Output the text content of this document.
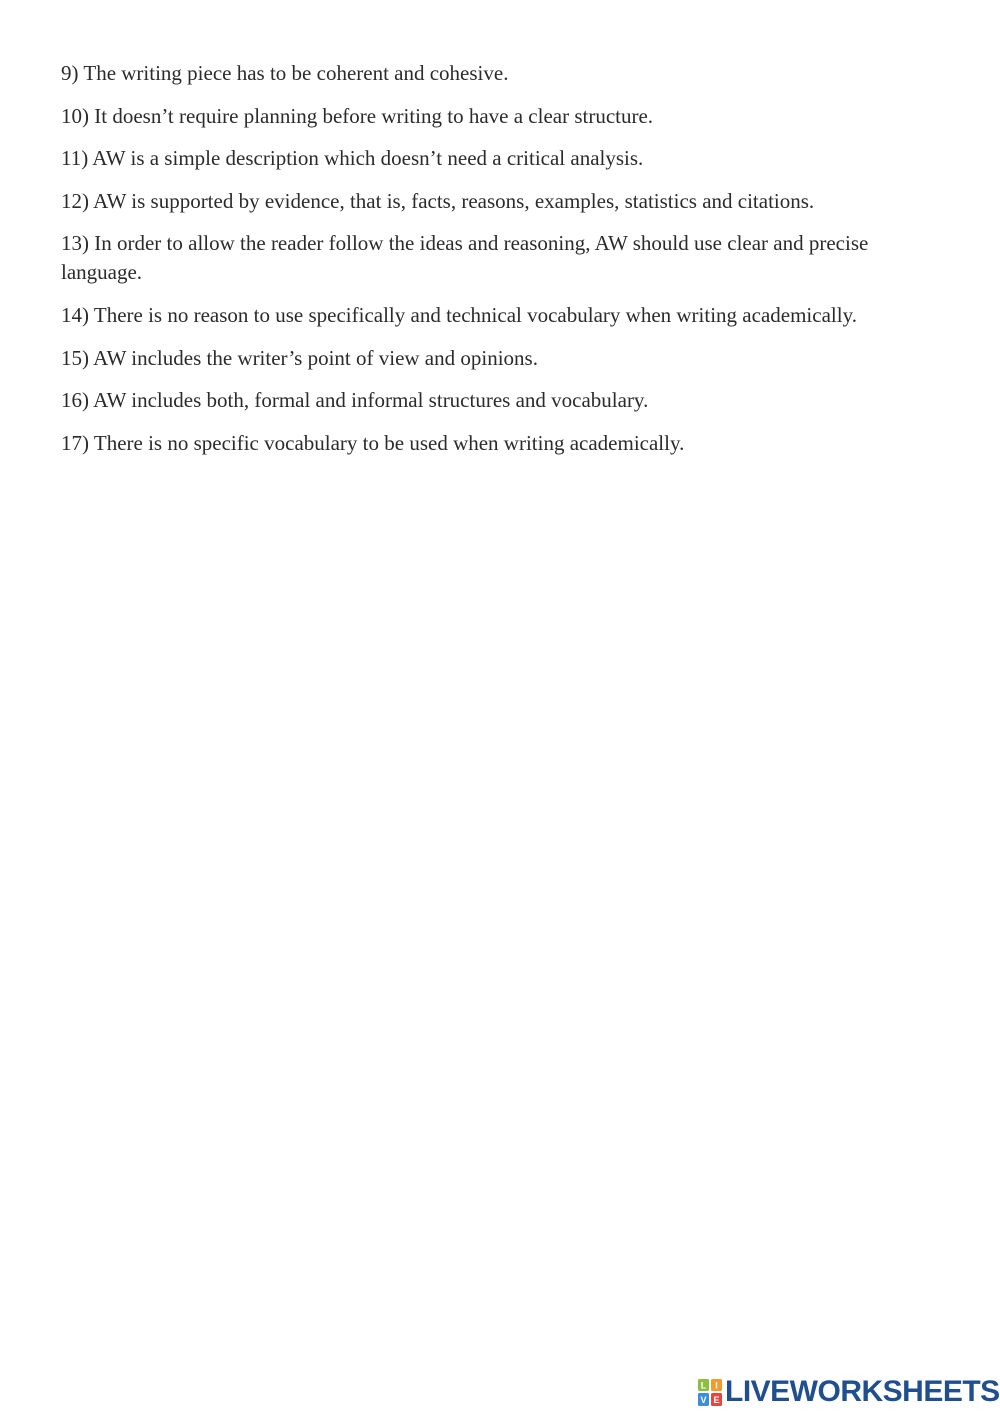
9) The writing piece has to be coherent and cohesive.
10) It doesn’t require planning before writing to have a clear structure.
11) AW is a simple description which doesn’t need a critical analysis.
12) AW is supported by evidence, that is, facts, reasons, examples, statistics and citations.
13) In order to allow the reader follow the ideas and reasoning, AW should use clear and precise language.
14) There is no reason to use specifically and technical vocabulary when writing academically.
15) AW includes the writer’s point of view and opinions.
16) AW includes both, formal and informal structures and vocabulary.
17) There is no specific vocabulary to be used when writing academically.
L I
V E LIVEWORKSHEETS
